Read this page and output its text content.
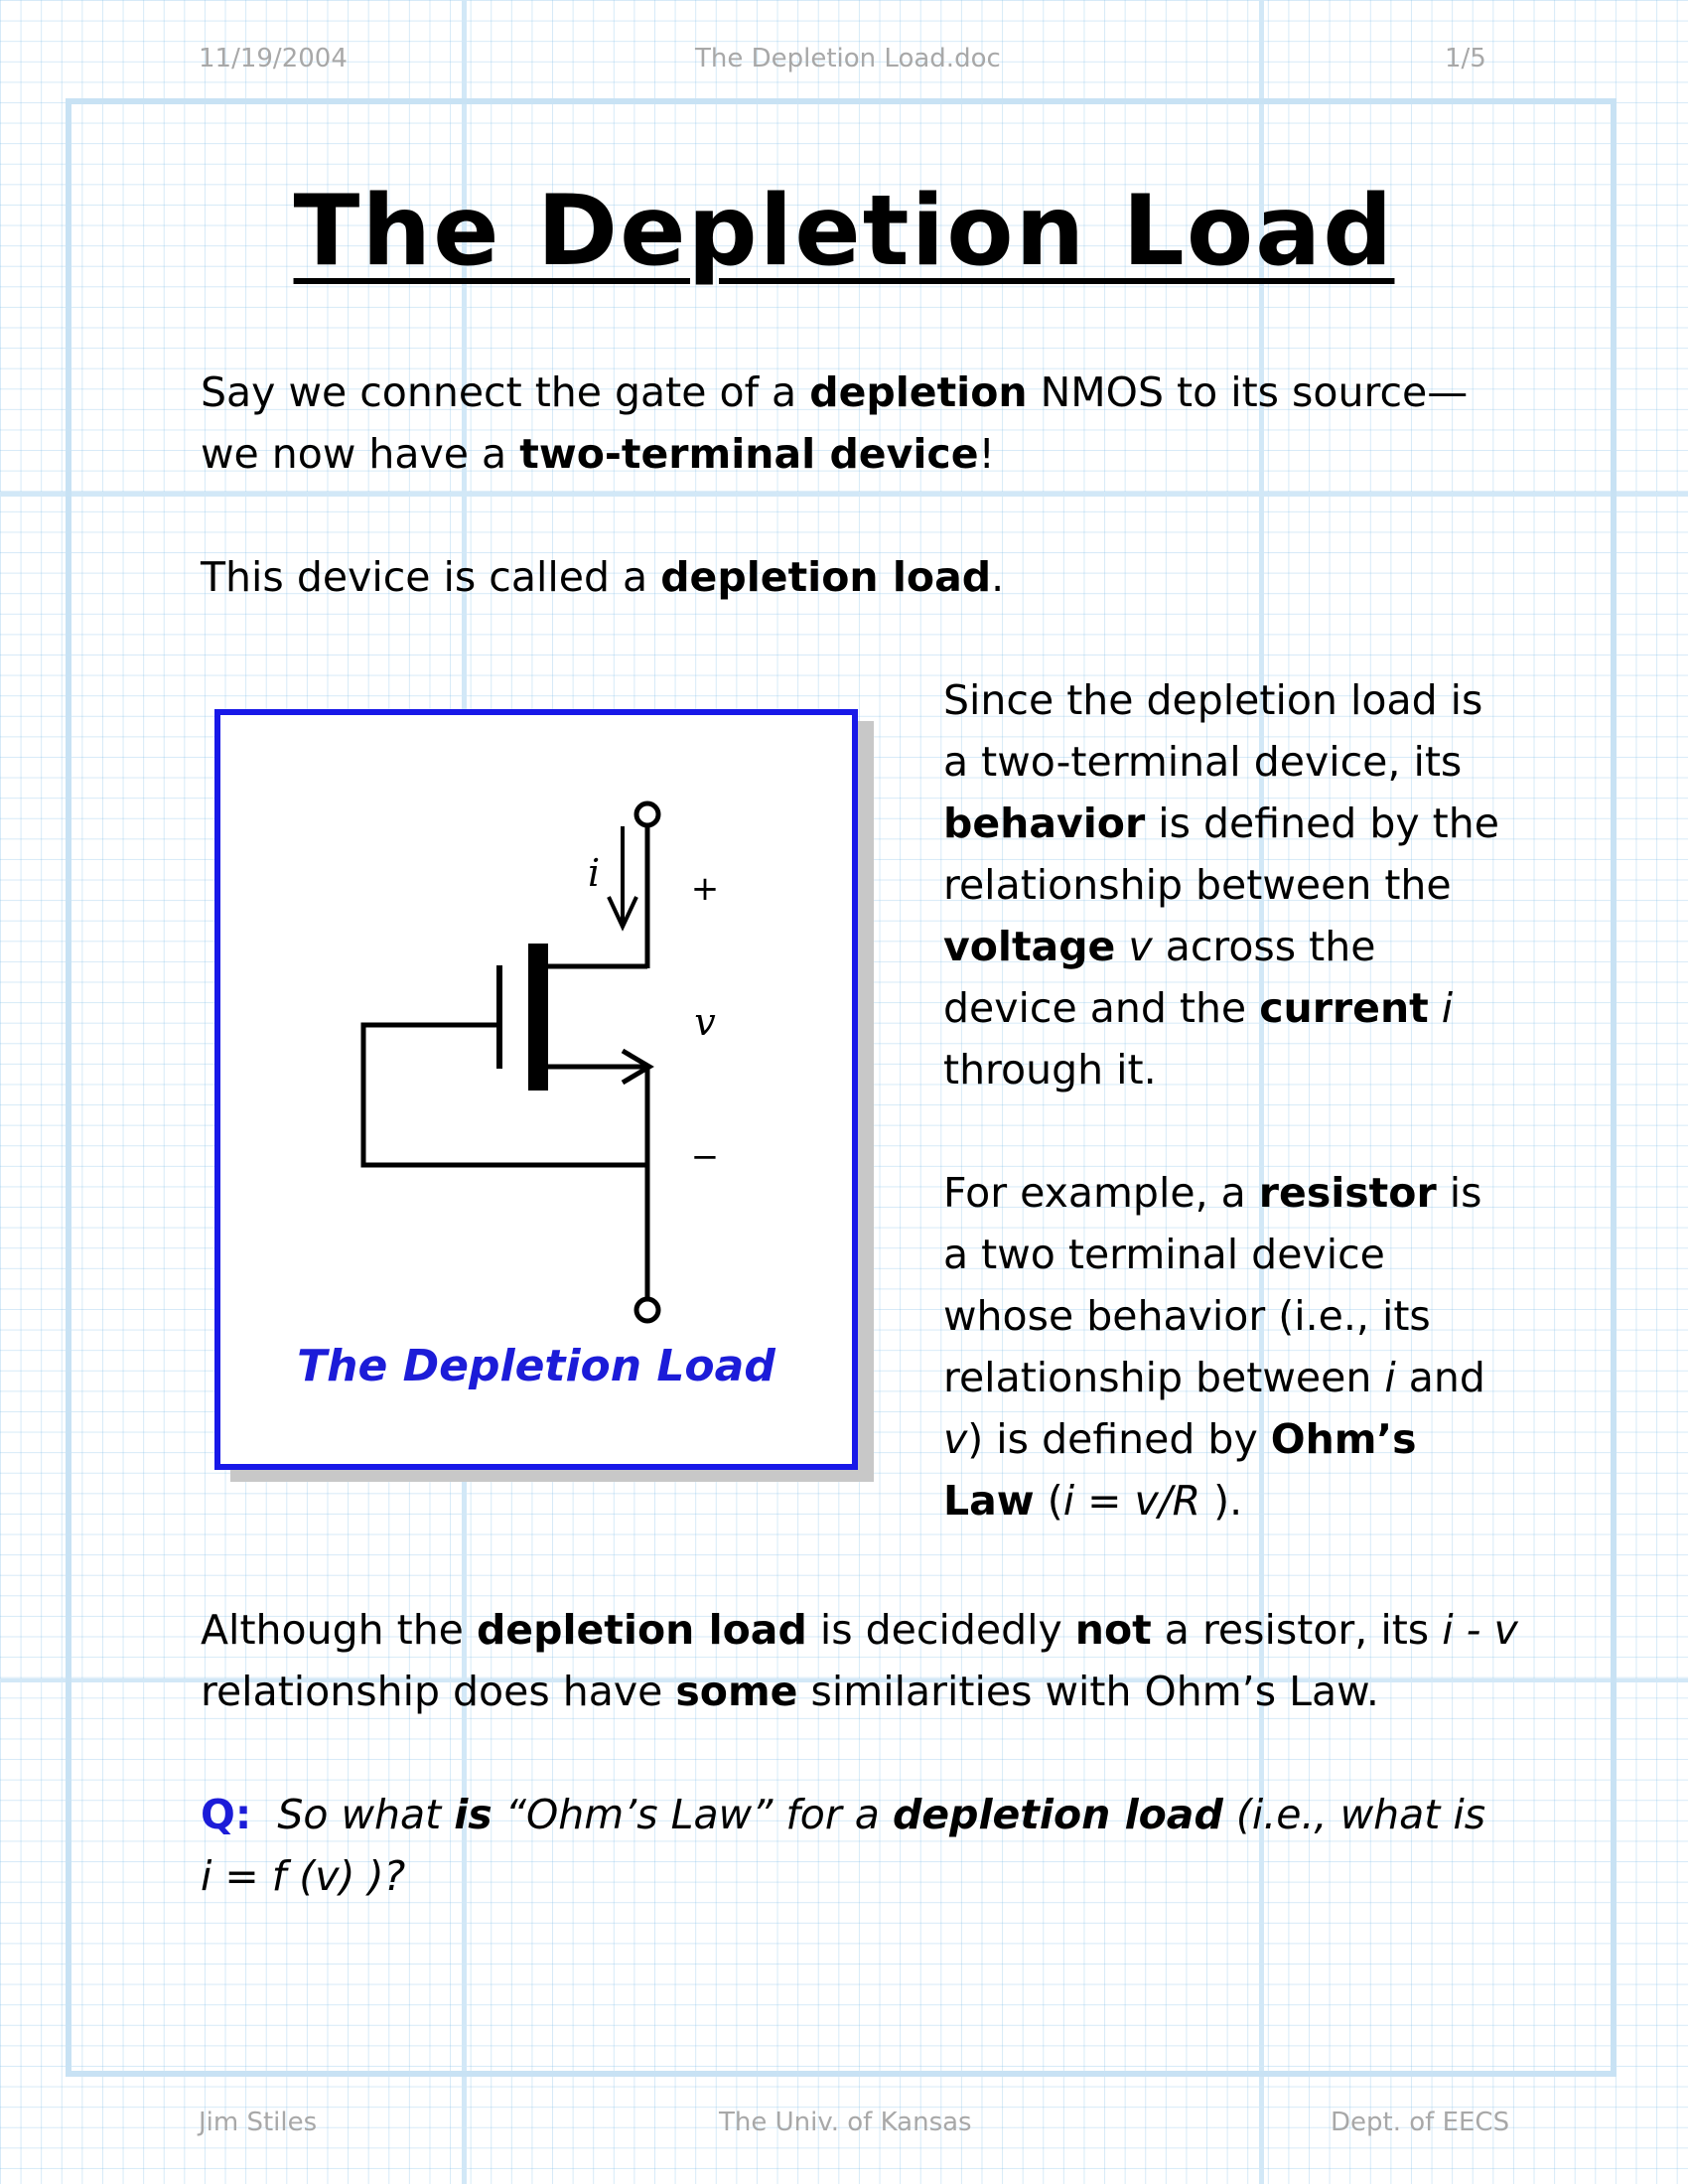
11/19/2004	The Depletion Load.doc	1/5
The Depletion Load

Say we connect the gate of a depletion NMOS to its source—
we now have a two-terminal device!

This device is called a depletion load.

i	+
v
−
The Depletion Load

Since the depletion load is
a two-terminal device, its
behavior is defined by the
relationship between the
voltage v across the
device and the current i
through it.

For example, a resistor is
a two terminal device
whose behavior (i.e., its
relationship between i and
v) is defined by Ohm’s
Law (i = v/R ).

Although the depletion load is decidedly not a resistor, its i - v
relationship does have some similarities with Ohm’s Law.

Q: So what is “Ohm’s Law” for a depletion load (i.e., what is
i = f (v) )?

Jim Stiles	The Univ. of Kansas	Dept. of EECS
